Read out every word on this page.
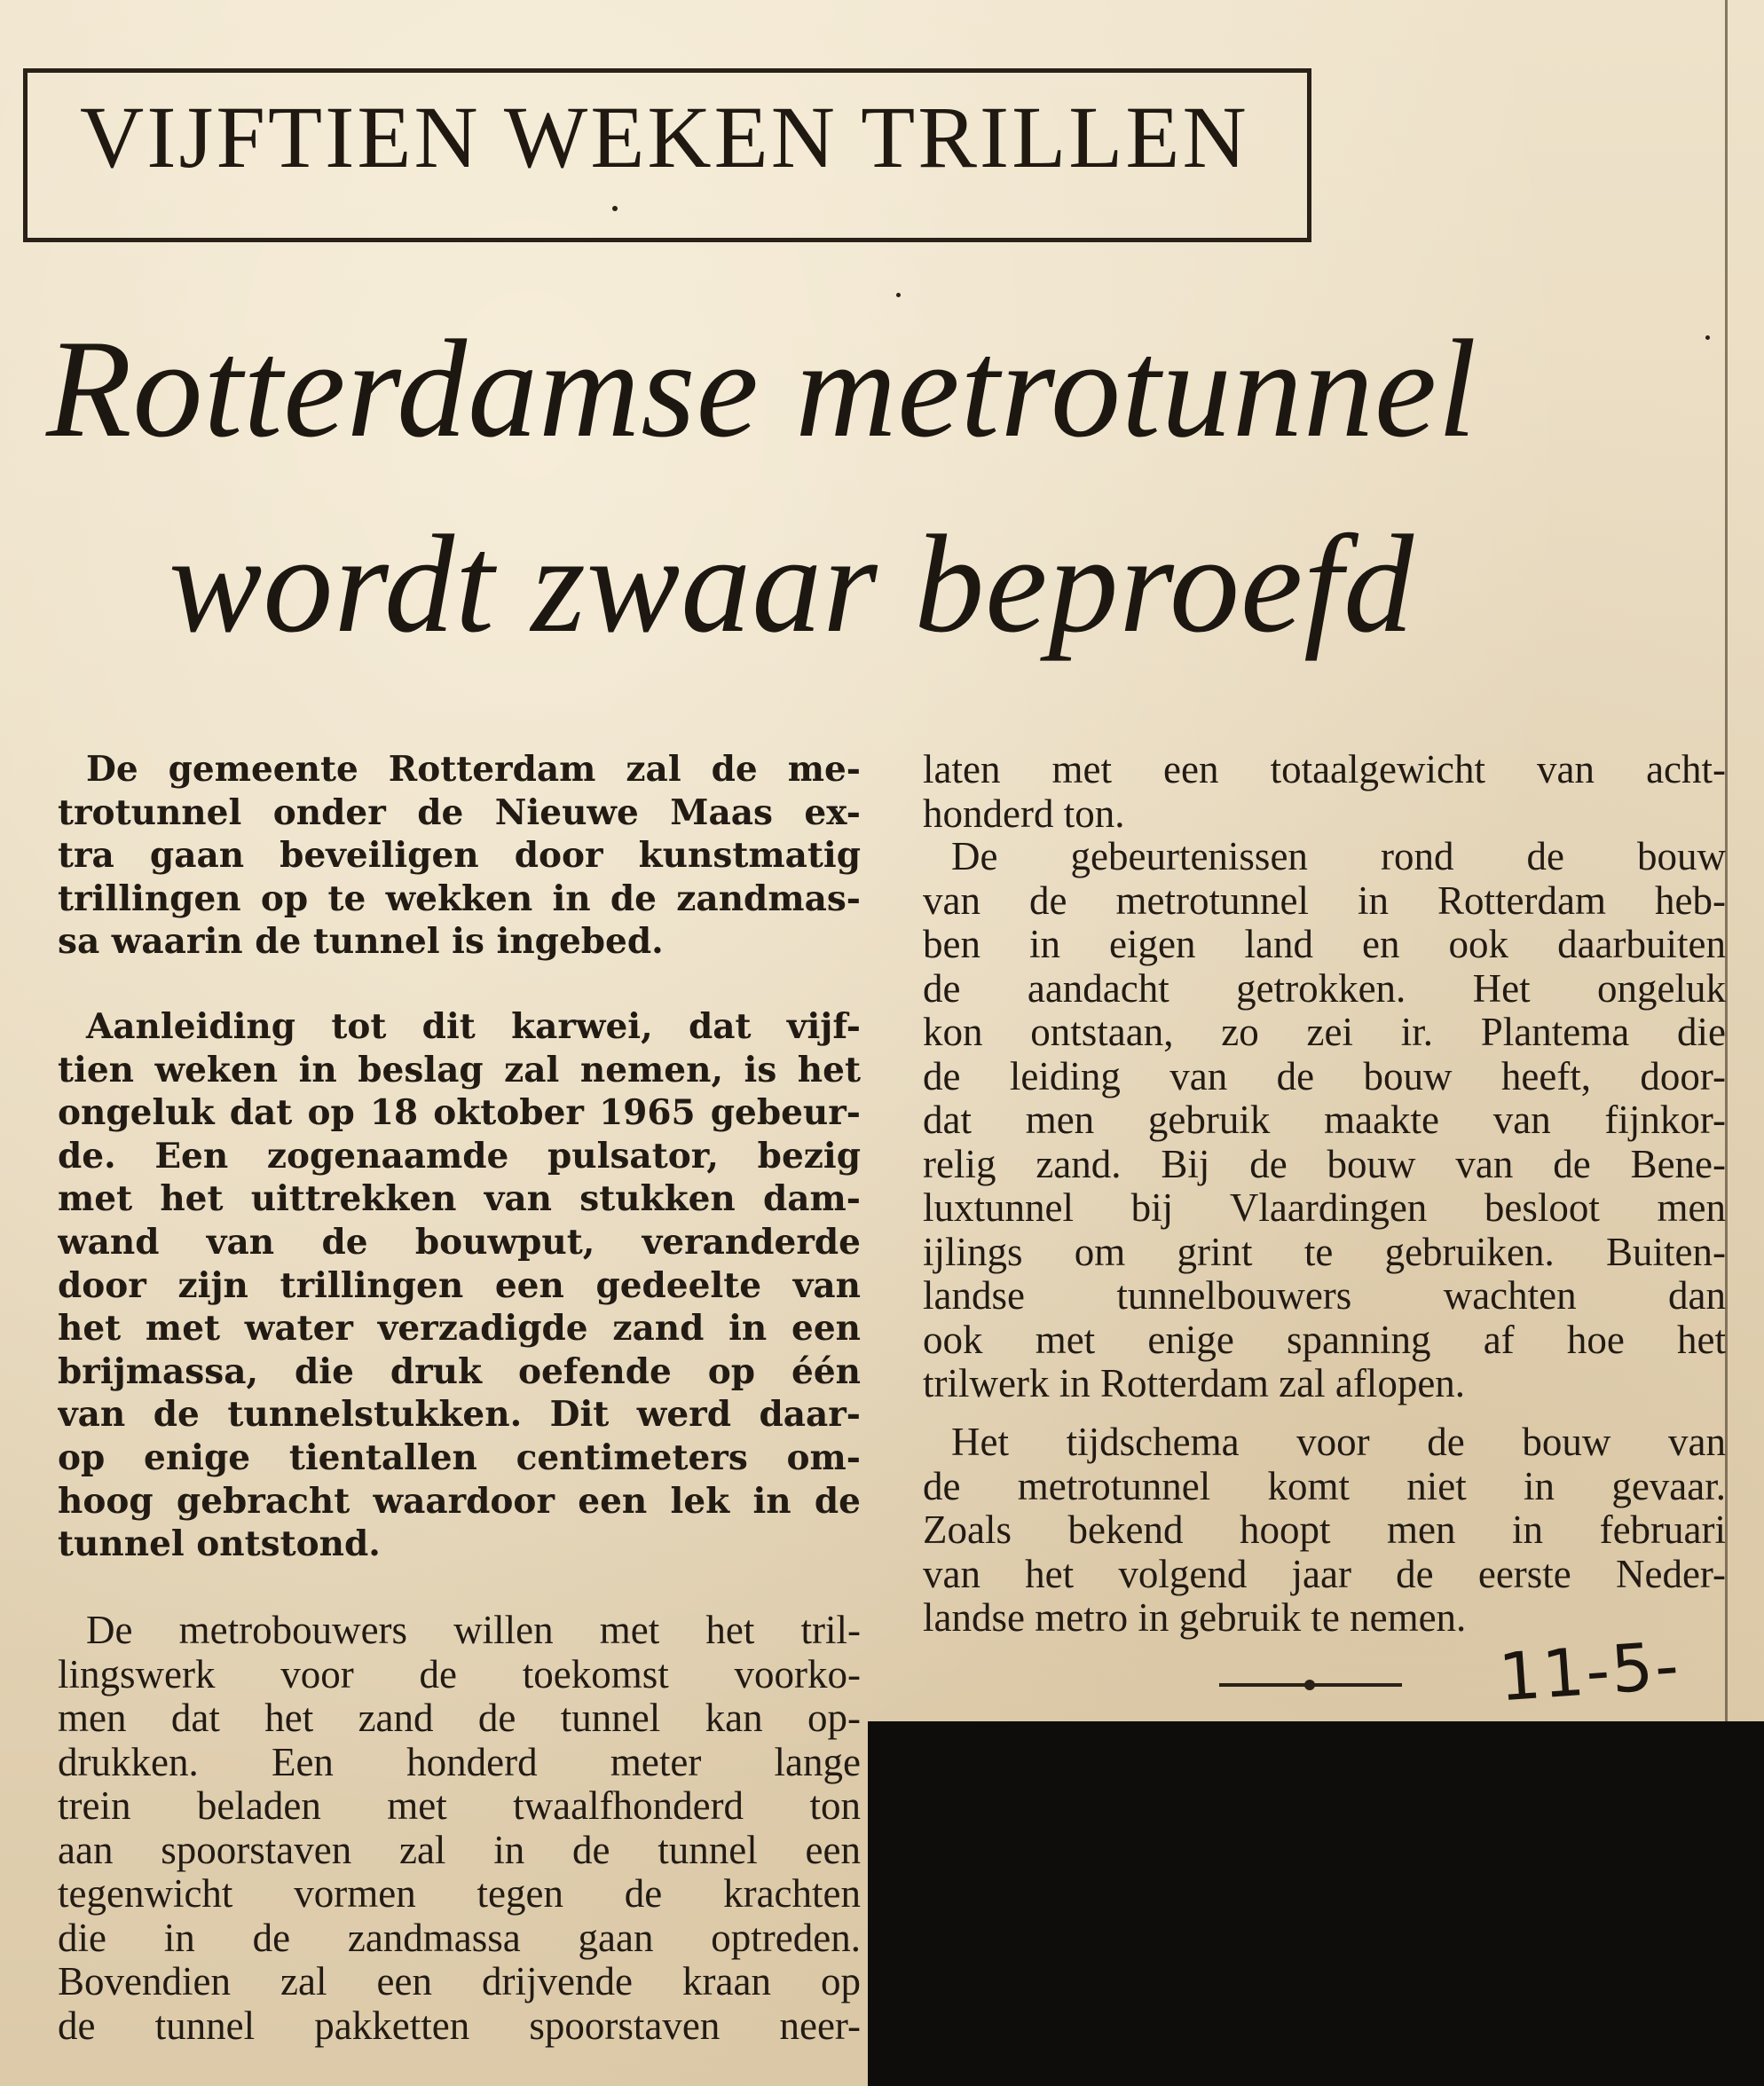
VIJFTIEN WEKEN TRILLEN
Rotterdamse metrotunnel
wordt zwaar beproefd
De gemeente Rotterdam zal de me-
trotunnel onder de Nieuwe Maas ex-
tra gaan beveiligen door kunstmatig
trillingen op te wekken in de zandmas-
sa waarin de tunnel is ingebed.
Aanleiding tot dit karwei, dat vijf-
tien weken in beslag zal nemen, is het
ongeluk dat op 18 oktober 1965 gebeur-
de. Een zogenaamde pulsator, bezig
met het uittrekken van stukken dam-
wand van de bouwput, veranderde
door zijn trillingen een gedeelte van
het met water verzadigde zand in een
brijmassa, die druk oefende op één
van de tunnelstukken. Dit werd daar-
op enige tientallen centimeters om-
hoog gebracht waardoor een lek in de
tunnel ontstond.
De metrobouwers willen met het tril-
lingswerk voor de toekomst voorko-
men dat het zand de tunnel kan op-
drukken. Een honderd meter lange
trein beladen met twaalfhonderd ton
aan spoorstaven zal in de tunnel een
tegenwicht vormen tegen de krachten
die in de zandmassa gaan optreden.
Bovendien zal een drijvende kraan op
de tunnel pakketten spoorstaven neer-
laten met een totaalgewicht van acht-
honderd ton.
De gebeurtenissen rond de bouw
van de metrotunnel in Rotterdam heb-
ben in eigen land en ook daarbuiten
de aandacht getrokken. Het ongeluk
kon ontstaan, zo zei ir. Plantema die
de leiding van de bouw heeft, door-
dat men gebruik maakte van fijnkor-
relig zand. Bij de bouw van de Bene-
luxtunnel bij Vlaardingen besloot men
ijlings om grint te gebruiken. Buiten-
landse tunnelbouwers wachten dan
ook met enige spanning af hoe het
trilwerk in Rotterdam zal aflopen.
Het tijdschema voor de bouw van
de metrotunnel komt niet in gevaar.
Zoals bekend hoopt men in februari
van het volgend jaar de eerste Neder-
landse metro in gebruik te nemen.
11-5-67
